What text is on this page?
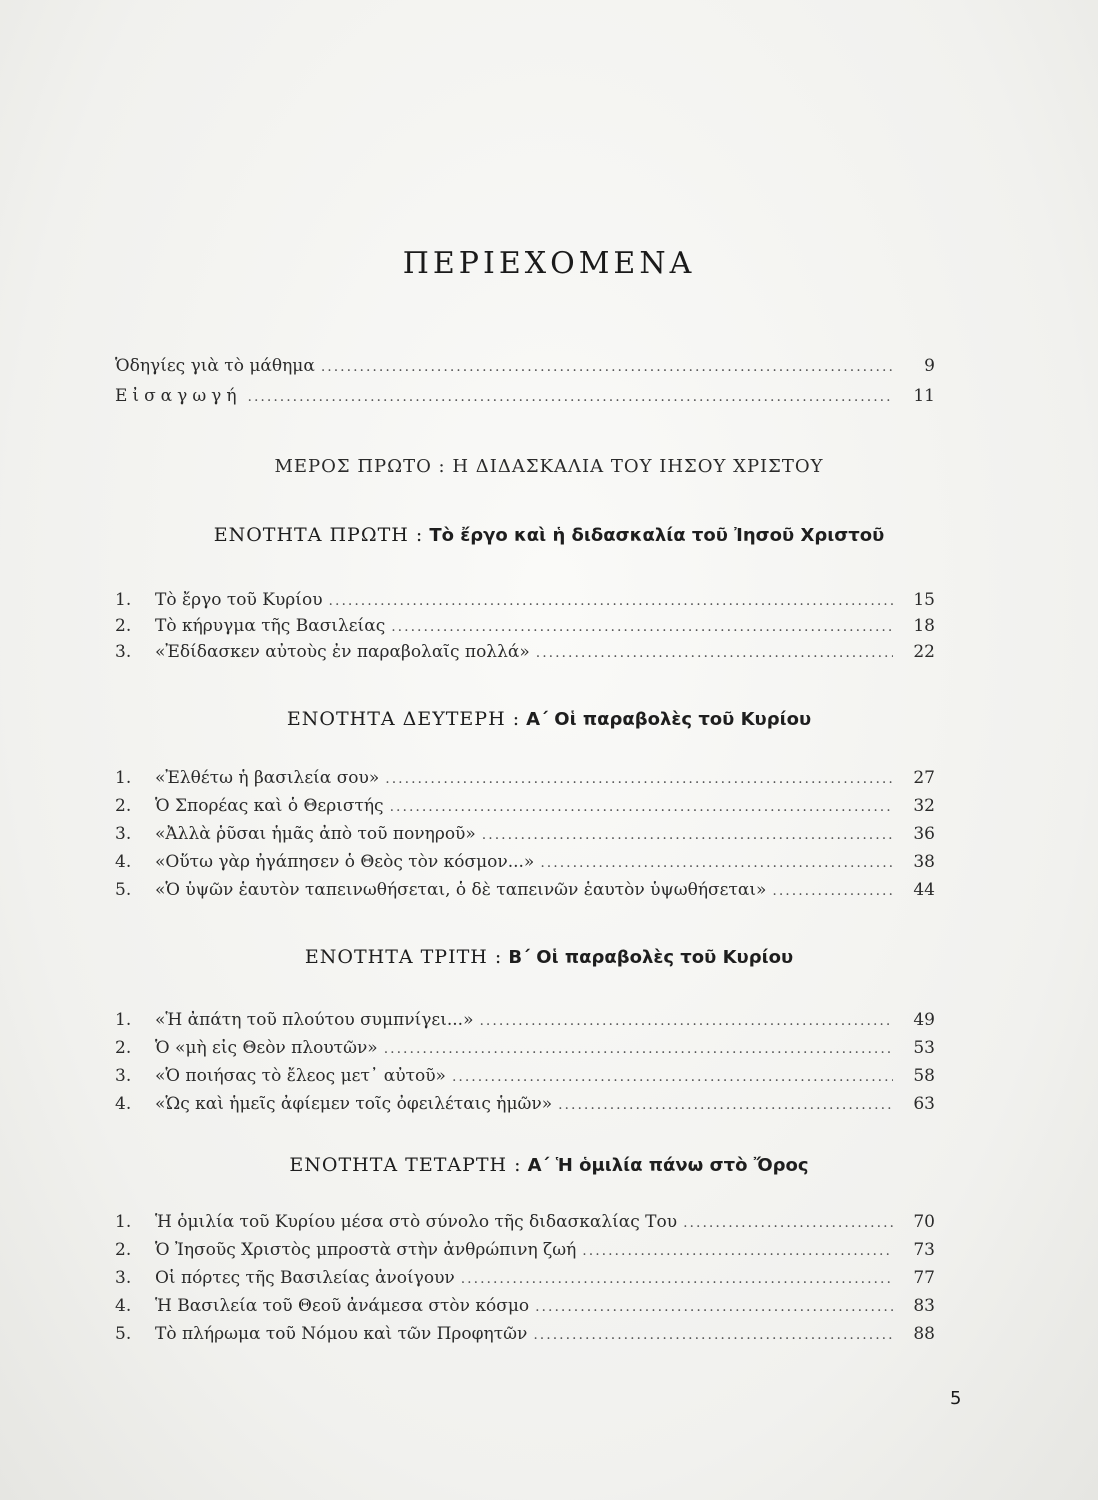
ΠΕΡΙΕΧΟΜΕΝΑ
Ὁδηγίες γιὰ τὸ μάθημα .....	9
Εἰσαγωγή .....	11
ΜΕΡΟΣ ΠΡΩΤΟ : Η ΔΙΔΑΣΚΑΛΙΑ ΤΟΥ ΙΗΣΟΥ ΧΡΙΣΤΟΥ
ΕΝΟΤΗΤΑ ΠΡΩΤΗ : Τὸ ἔργο καὶ ἡ διδασκαλία τοῦ Ἰησοῦ Χριστοῦ
1.	Τὸ ἔργο τοῦ Κυρίου .....	15
2.	Τὸ κήρυγμα τῆς Βασιλείας .....	18
3.	«Ἐδίδασκεν αὐτοὺς ἐν παραβολαῖς πολλά» .....	22
ΕΝΟΤΗΤΑ ΔΕΥΤΕΡΗ : Α΄ Οἱ παραβολὲς τοῦ Κυρίου
1.	«Ἐλθέτω ἡ βασιλεία σου» .....	27
2.	Ὁ Σπορέας καὶ ὁ Θεριστής .....	32
3.	«Ἀλλὰ ῥῦσαι ἡμᾶς ἀπὸ τοῦ πονηροῦ» .....	36
4.	«Οὕτω γὰρ ἠγάπησεν ὁ Θεὸς τὸν κόσμον...» .....	38
5.	«Ὁ ὑψῶν ἑαυτὸν ταπεινωθήσεται, ὁ δὲ ταπεινῶν ἑαυτὸν ὑψωθήσεται» .....	44
ΕΝΟΤΗΤΑ ΤΡΙΤΗ : Β΄ Οἱ παραβολὲς τοῦ Κυρίου
1.	«Ἡ ἀπάτη τοῦ πλούτου συμπνίγει...» .....	49
2.	Ὁ «μὴ εἰς Θεὸν πλουτῶν» .....	53
3.	«Ὁ ποιήσας τὸ ἔλεος μετ᾽ αὐτοῦ» .....	58
4.	«Ὡς καὶ ἡμεῖς ἀφίεμεν τοῖς ὀφειλέταις ἡμῶν» .....	63
ΕΝΟΤΗΤΑ ΤΕΤΑΡΤΗ : Α΄ Ἡ ὁμιλία πάνω στὸ Ὄρος
1.	Ἡ ὁμιλία τοῦ Κυρίου μέσα στὸ σύνολο τῆς διδασκαλίας Του .....	70
2.	Ὁ Ἰησοῦς Χριστὸς μπροστὰ στὴν ἀνθρώπινη ζωή .....	73
3.	Οἱ πόρτες τῆς Βασιλείας ἀνοίγουν .....	77
4.	Ἡ Βασιλεία τοῦ Θεοῦ ἀνάμεσα στὸν κόσμο .....	83
5.	Τὸ πλήρωμα τοῦ Νόμου καὶ τῶν Προφητῶν .....	88
5
